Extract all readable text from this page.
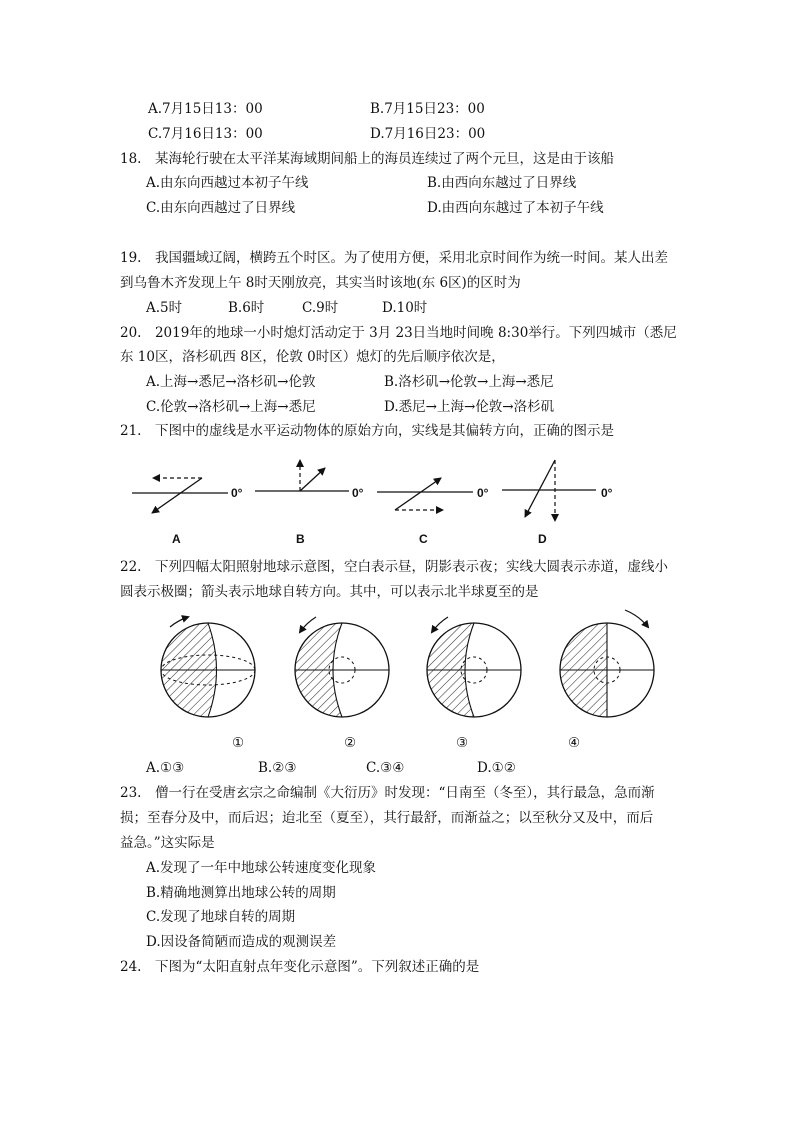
A.7月15日13：00	B.7月15日23：00
C.7月16日13：00	D.7月16日23：00
18.　某海轮行驶在太平洋某海域期间船上的海员连续过了两个元旦，这是由于该船
A.由东向西越过本初子午线	B.由西向东越过了日界线
C.由东向西越过了日界线	D.由西向东越过了本初子午线
19.　我国疆域辽阔，横跨五个时区。为了使用方便，采用北京时间作为统一时间。某人出差
到乌鲁木齐发现上午 8时天刚放亮，其实当时该地(东 6区)的区时为
A.5时	B.6时	C.9时	D.10时
20.　2019年的地球一小时熄灯活动定于 3月 23日当地时间晚 8:30举行。下列四城市（悉尼
东 10区，洛杉矶西 8区，伦敦 0时区）熄灯的先后顺序依次是，
A.上海→悉尼→洛杉矶→伦敦	B.洛杉矶→伦敦→上海→悉尼
C.伦敦→洛杉矶→上海→悉尼	D.悉尼→上海→伦敦→洛杉矶
21.　下图中的虚线是水平运动物体的原始方向，实线是其偏转方向，正确的图示是
0°	0°	0°	0°
A	B	C	D
22.　下列四幅太阳照射地球示意图，空白表示昼，阴影表示夜；实线大圆表示赤道，虚线小
圆表示极圈；箭头表示地球自转方向。其中，可以表示北半球夏至的是
①	②	③	④
A.①③	B.②③	C.③④	D.①②
23.　僧一行在受唐玄宗之命编制《大衍历》时发现：“日南至（冬至），其行最急，急而渐
损；至春分及中，而后迟；迨北至（夏至），其行最舒，而渐益之；以至秋分又及中，而后
益急。”这实际是
A.发现了一年中地球公转速度变化现象
B.精确地测算出地球公转的周期
C.发现了地球自转的周期
D.因设备简陋而造成的观测误差
24.　下图为“太阳直射点年变化示意图”。下列叙述正确的是
